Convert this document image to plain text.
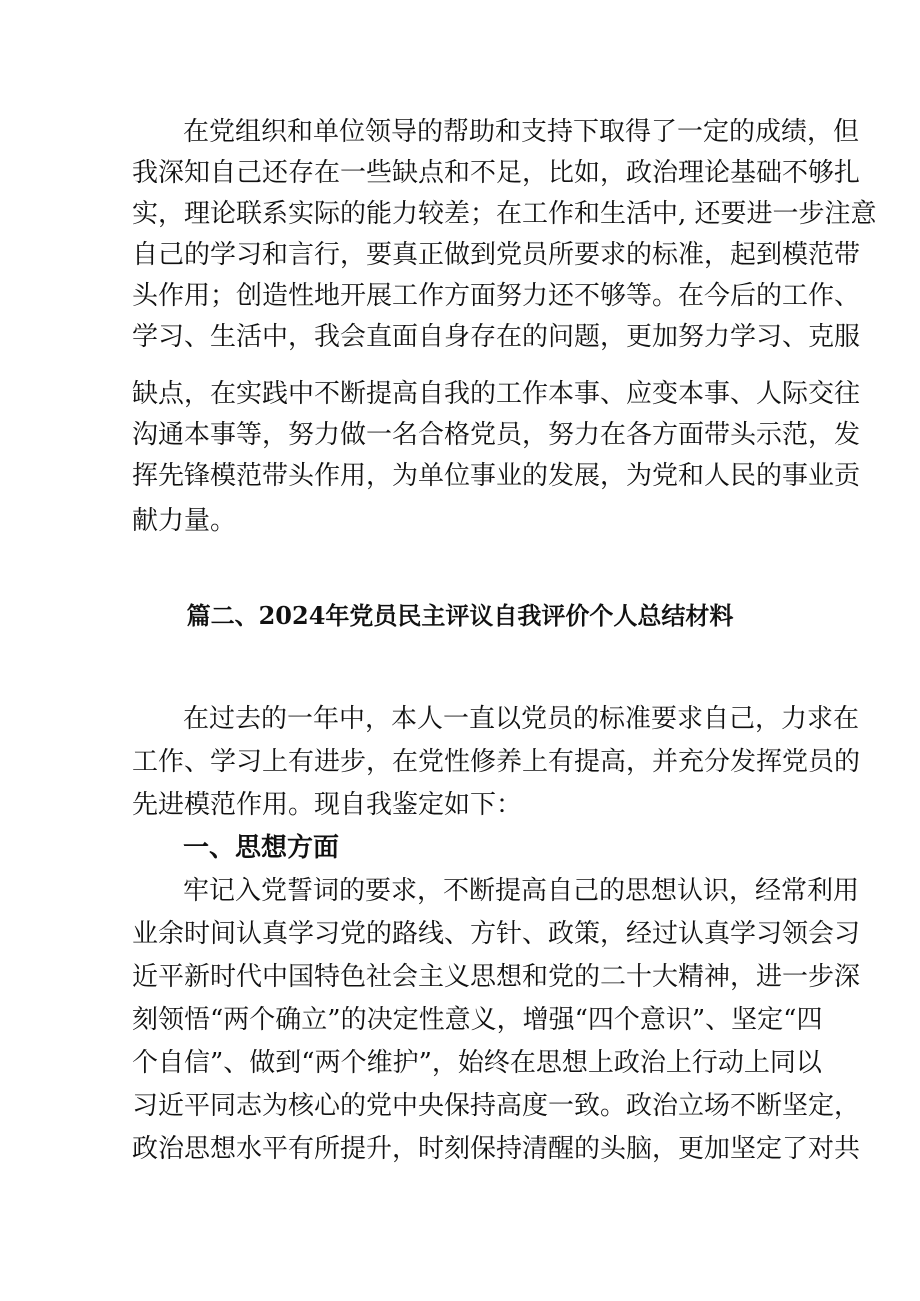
在党组织和单位领导的帮助和支持下取得了一定的成绩，但

我深知自己还存在一些缺点和不足，比如，政治理论基础不够扎

实，理论联系实际的能力较差；在工作和生活中, 还要进一步注意

自己的学习和言行，要真正做到党员所要求的标准，起到模范带

头作用；创造性地开展工作方面努力还不够等。在今后的工作、

学习、生活中，我会直面自身存在的问题，更加努力学习、克服

缺点，在实践中不断提高自我的工作本事、应变本事、人际交往

沟通本事等，努力做一名合格党员，努力在各方面带头示范，发

挥先锋模范带头作用，为单位事业的发展，为党和人民的事业贡

献力量。

篇二、2024年党员民主评议自我评价个人总结材料

在过去的一年中，本人一直以党员的标准要求自己，力求在

工作、学习上有进步，在党性修养上有提高，并充分发挥党员的

先进模范作用。现自我鉴定如下：

一、思想方面

牢记入党誓词的要求，不断提高自己的思想认识，经常利用

业余时间认真学习党的路线、方针、政策，经过认真学习领会习

近平新时代中国特色社会主义思想和党的二十大精神，进一步深

刻领悟“两个确立”的决定性意义，增强“四个意识”、坚定“四

个自信”、做到“两个维护”，始终在思想上政治上行动上同以

习近平同志为核心的党中央保持高度一致。政治立场不断坚定，

政治思想水平有所提升，时刻保持清醒的头脑，更加坚定了对共
